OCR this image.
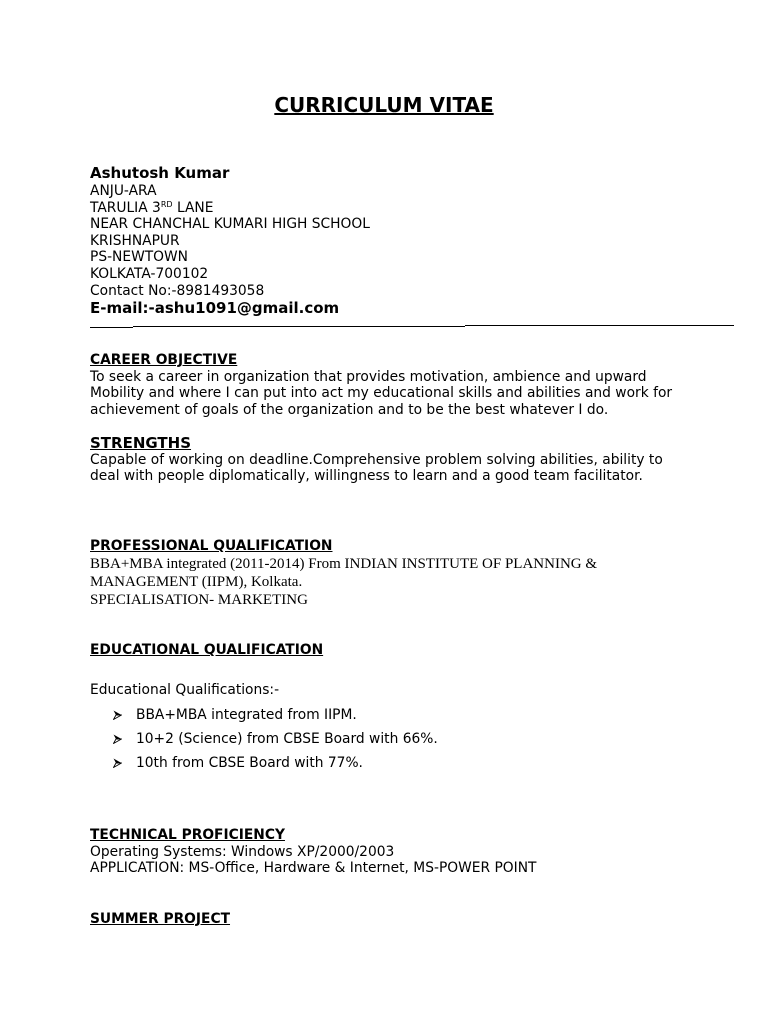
CURRICULUM VITAE
Ashutosh Kumar
ANJU-ARA
TARULIA 3RD LANE
NEAR CHANCHAL KUMARI HIGH SCHOOL
KRISHNAPUR
PS-NEWTOWN
KOLKATA-700102
Contact No:-8981493058
E-mail:-ashu1091@gmail.com
CAREER OBJECTIVE
To seek a career in organization that provides motivation, ambience and upward
Mobility and where I can put into act my educational skills and abilities and work for
achievement of goals of the organization and to be the best whatever I do.
STRENGTHS
Capable of working on deadline.Comprehensive problem solving abilities, ability to
deal with people diplomatically, willingness to learn and a good team facilitator.
PROFESSIONAL QUALIFICATION
BBA+MBA integrated (2011-2014) From INDIAN INSTITUTE OF PLANNING &
MANAGEMENT (IIPM), Kolkata.
SPECIALISATION- MARKETING
EDUCATIONAL QUALIFICATION
Educational Qualifications:-
BBA+MBA integrated from IIPM.
10+2 (Science) from CBSE Board with 66%.
10th from CBSE Board with 77%.
TECHNICAL PROFICIENCY
Operating Systems: Windows XP/2000/2003
APPLICATION: MS-Office, Hardware & Internet, MS-POWER POINT
SUMMER PROJECT
